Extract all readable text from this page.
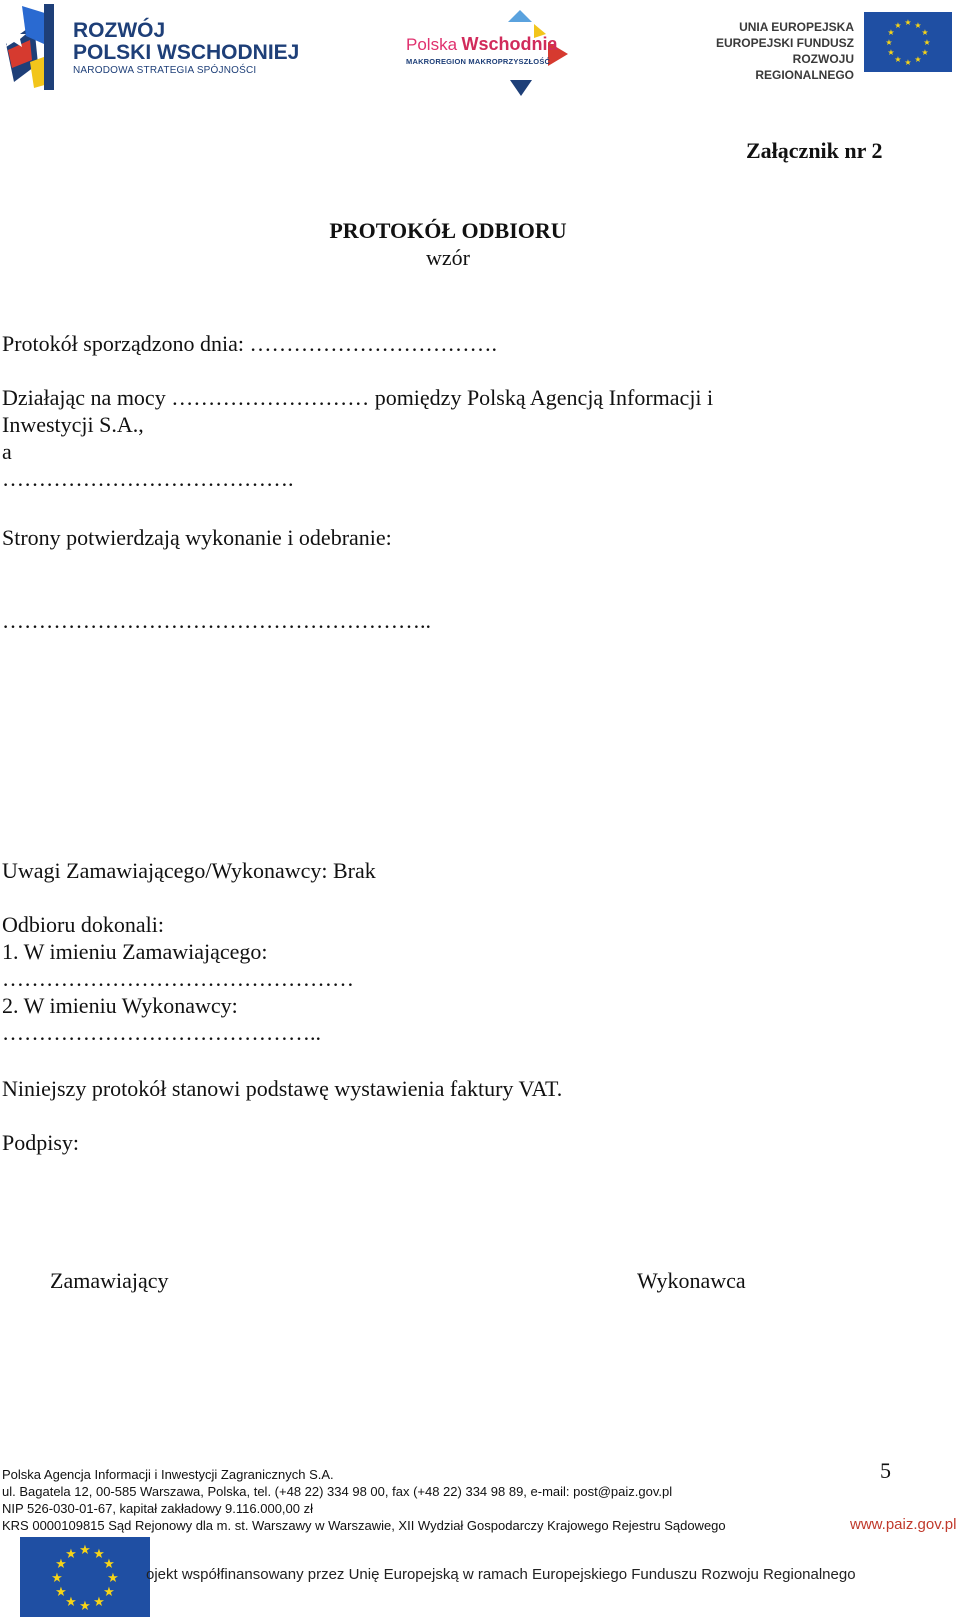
ROZWÓJ
POLSKI WSCHODNIEJ
NARODOWA STRATEGIA SPÓJNOŚCI
Polska Wschodnia
MAKROREGION MAKROPRZYSZŁOŚĆ
UNIA EUROPEJSKA
EUROPEJSKI FUNDUSZ
ROZWOJU REGIONALNEGO
★ ★
★
★
★
★
★
★
★
★
★
★
Załącznik nr 2
PROTOKÓŁ ODBIORU
wzór
Protokół sporządzono dnia: …………………………….
Działając na mocy ……………………… pomiędzy Polską Agencją Informacji i
Inwestycji S.A.,
a
………………………………….
Strony potwierdzają wykonanie i odebranie:
…………………………………………………..
Uwagi Zamawiającego/Wykonawcy: Brak
Odbioru dokonali:
1. W imieniu Zamawiającego:
…………………………………………
2. W imieniu Wykonawcy:
……………………………………..
Niniejszy protokół stanowi podstawę wystawienia faktury VAT.
Podpisy:
Zamawiający	Wykonawca
5
Polska Agencja Informacji i Inwestycji Zagranicznych S.A.
ul. Bagatela 12, 00-585 Warszawa, Polska, tel. (+48 22) 334 98 00, fax (+48 22) 334 98 89, e-mail: post@paiz.gov.pl
NIP 526-030-01-67, kapitał zakładowy 9.116.000,00 zł
KRS 0000109815 Sąd Rejonowy dla m. st. Warszawy w Warszawie, XII Wydział Gospodarczy Krajowego Rejestru Sądowego	www.paiz.gov.pl
★ ★
★
★
★
★
★
★
★
★
★
★
ojekt współfinansowany przez Unię Europejską w ramach Europejskiego Funduszu Rozwoju Regionalnego
